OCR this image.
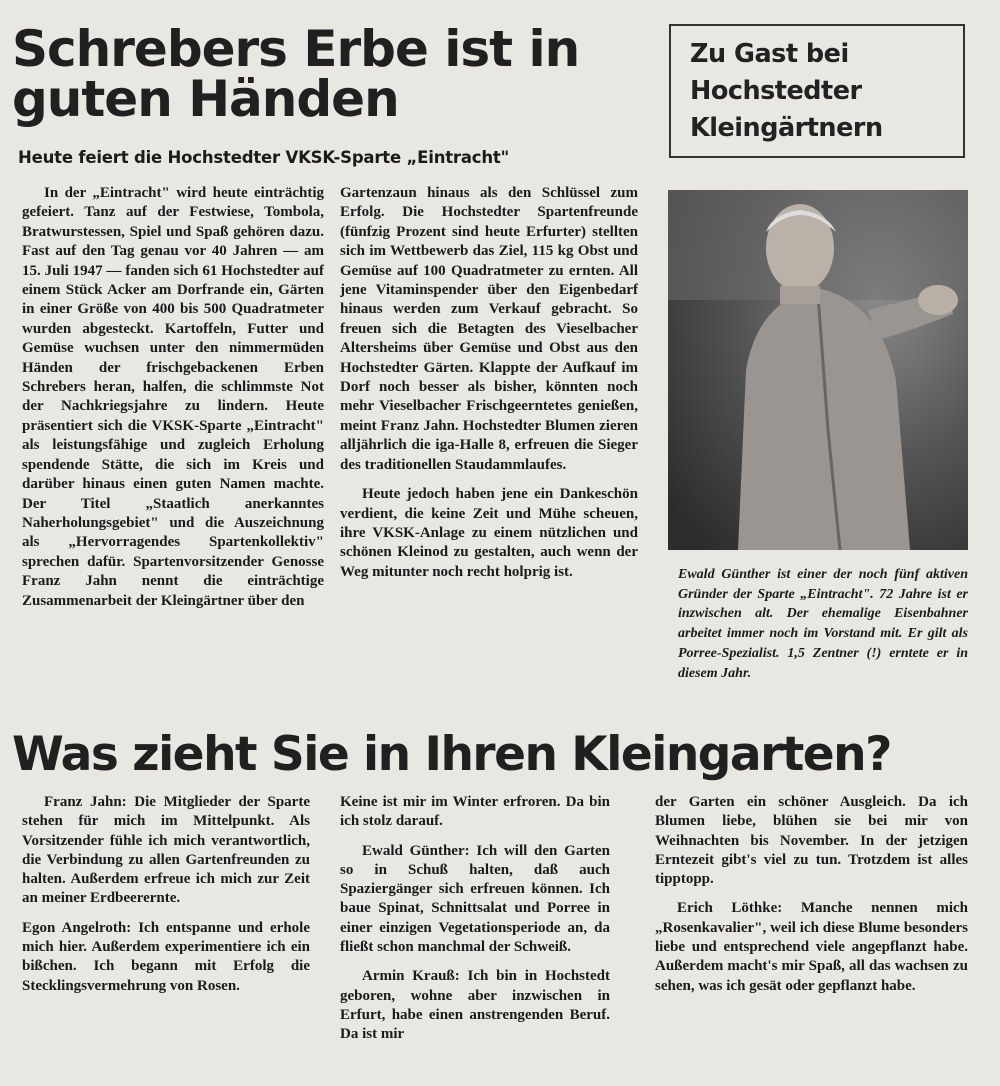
Schrebers Erbe ist in guten Händen
Heute feiert die Hochstedter VKSK-Sparte „Eintracht"

In der „Eintracht" wird heute einträchtig gefeiert. Tanz auf der Festwiese, Tombola, Bratwurstessen, Spiel und Spaß gehören dazu. Fast auf den Tag genau vor 40 Jahren — am 15. Juli 1947 — fanden sich 61 Hochstedter auf einem Stück Acker am Dorfrande ein, Gärten in einer Größe von 400 bis 500 Quadratmeter wurden abgesteckt. Kartoffeln, Futter und Gemüse wuchsen unter den nimmermüden Händen der frischgebackenen Erben Schrebers heran, halfen, die schlimmste Not der Nachkriegsjahre zu lindern. Heute präsentiert sich die VKSK-Sparte „Eintracht" als leistungsfähige und zugleich Erholung spendende Stätte, die sich im Kreis und darüber hinaus einen guten Namen machte. Der Titel „Staatlich anerkanntes Naherholungsgebiet" und die Auszeichnung als „Hervorragendes Spartenkollektiv" sprechen dafür. Spartenvorsitzender Genosse Franz Jahn nennt die einträchtige Zusammenarbeit der Kleingärtner über den

Gartenzaun hinaus als den Schlüssel zum Erfolg. Die Hochstedter Spartenfreunde (fünfzig Prozent sind heute Erfurter) stellten sich im Wettbewerb das Ziel, 115 kg Obst und Gemüse auf 100 Quadratmeter zu ernten. All jene Vitaminspender über den Eigenbedarf hinaus werden zum Verkauf gebracht. So freuen sich die Betagten des Vieselbacher Altersheims über Gemüse und Obst aus den Hochstedter Gärten. Klappte der Aufkauf im Dorf noch besser als bisher, könnten noch mehr Vieselbacher Frischgeerntetes genießen, meint Franz Jahn. Hochstedter Blumen zieren alljährlich die iga-Halle 8, erfreuen die Sieger des traditionellen Staudammlaufes.

Heute jedoch haben jene ein Dankeschön verdient, die keine Zeit und Mühe scheuen, ihre VKSK-Anlage zu einem nützlichen und schönen Kleinod zu gestalten, auch wenn der Weg mitunter noch recht holprig ist.

Zu Gast bei Hochstedter Kleingärtnern
Ewald Günther ist einer der noch fünf aktiven Gründer der Sparte „Eintracht". 72 Jahre ist er inzwischen alt. Der ehemalige Eisenbahner arbeitet immer noch im Vorstand mit. Er gilt als Porree-Spezialist. 1,5 Zentner (!) erntete er in diesem Jahr.
Was zieht Sie in Ihren Kleingarten?

Franz Jahn: Die Mitglieder der Sparte stehen für mich im Mittelpunkt. Als Vorsitzender fühle ich mich verantwortlich, die Verbindung zu allen Gartenfreunden zu halten. Außerdem erfreue ich mich zur Zeit an meiner Erdbeerernte.

Egon Angelroth: Ich entspanne und erhole mich hier. Außerdem experimentiere ich ein bißchen. Ich begann mit Erfolg die Stecklingsvermehrung von Rosen.

Keine ist mir im Winter erfroren. Da bin ich stolz darauf.

Ewald Günther: Ich will den Garten so in Schuß halten, daß auch Spaziergänger sich erfreuen können. Ich baue Spinat, Schnittsalat und Porree in einer einzigen Vegetationsperiode an, da fließt schon manchmal der Schweiß.

Armin Krauß: Ich bin in Hochstedt geboren, wohne aber inzwischen in Erfurt, habe einen anstrengenden Beruf. Da ist mir

der Garten ein schöner Ausgleich. Da ich Blumen liebe, blühen sie bei mir von Weihnachten bis November. In der jetzigen Erntezeit gibt's viel zu tun. Trotzdem ist alles tipptopp.

Erich Löthke: Manche nennen mich „Rosenkavalier", weil ich diese Blume besonders liebe und entsprechend viele angepflanzt habe. Außerdem macht's mir Spaß, all das wachsen zu sehen, was ich gesät oder gepflanzt habe.
